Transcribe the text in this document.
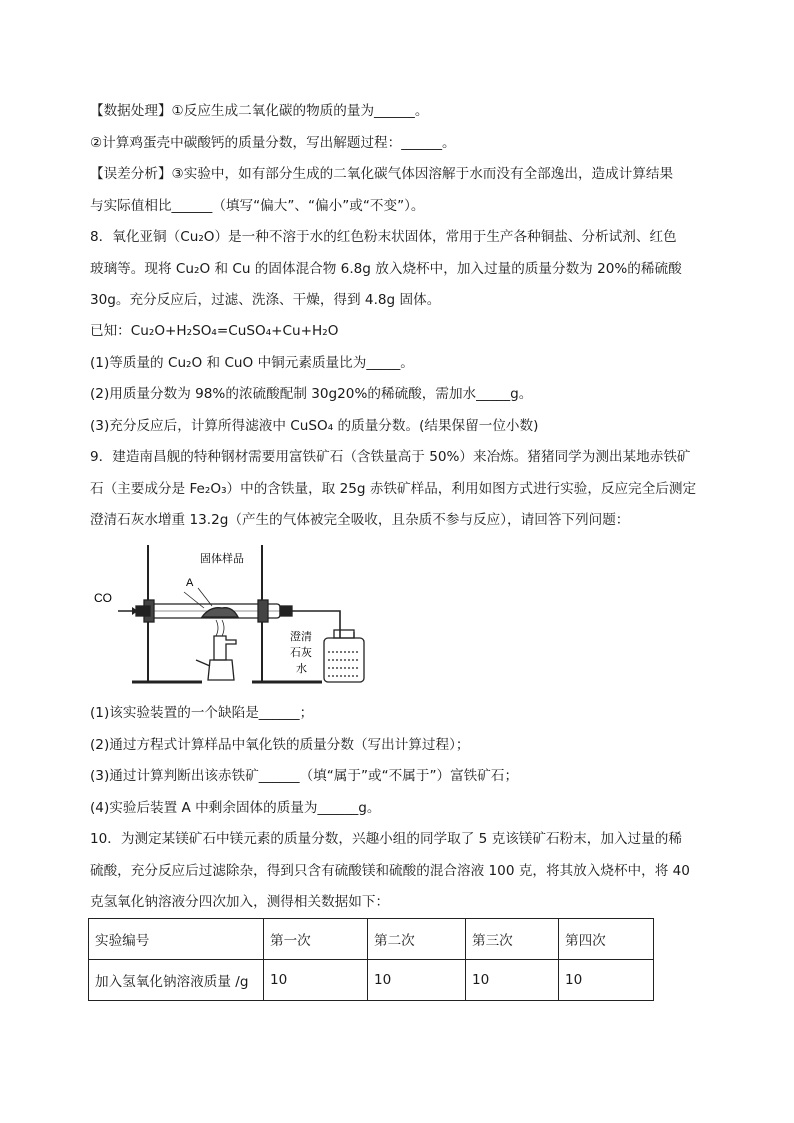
【数据处理】①反应生成二氧化碳的物质的量为______。
②计算鸡蛋壳中碳酸钙的质量分数，写出解题过程：______。
【误差分析】③实验中，如有部分生成的二氧化碳气体因溶解于水而没有全部逸出，造成计算结果
与实际值相比______（填写“偏大”、“偏小”或“不变”）。
8．氧化亚铜（Cu₂O）是一种不溶于水的红色粉末状固体，常用于生产各种铜盐、分析试剂、红色
玻璃等。现将 Cu₂O 和 Cu 的固体混合物 6.8g 放入烧杯中，加入过量的质量分数为 20%的稀硫酸
30g。充分反应后，过滤、洗涤、干燥，得到 4.8g 固体。
已知：Cu₂O+H₂SO₄=CuSO₄+Cu+H₂O
(1)等质量的 Cu₂O 和 CuO 中铜元素质量比为_____。
(2)用质量分数为 98%的浓硫酸配制 30g20%的稀硫酸，需加水_____g。
(3)充分反应后，计算所得滤液中 CuSO₄ 的质量分数。(结果保留一位小数)
9．建造南昌舰的特种钢材需要用富铁矿石（含铁量高于 50%）来冶炼。猪猪同学为测出某地赤铁矿
石（主要成分是 Fe₂O₃）中的含铁量，取 25g 赤铁矿样品，利用如图方式进行实验，反应完全后测定
澄清石灰水增重 13.2g（产生的气体被完全吸收，且杂质不参与反应），请回答下列问题：
CO
固体样品
A
澄清
石灰
水
(1)该实验装置的一个缺陷是______；
(2)通过方程式计算样品中氧化铁的质量分数（写出计算过程）；
(3)通过计算判断出该赤铁矿______（填“属于”或“不属于”）富铁矿石；
(4)实验后装置 A 中剩余固体的质量为______g。
10．为测定某镁矿石中镁元素的质量分数，兴趣小组的同学取了 5 克该镁矿石粉末，加入过量的稀
硫酸，充分反应后过滤除杂，得到只含有硫酸镁和硫酸的混合溶液 100 克，将其放入烧杯中，将 40
克氢氧化钠溶液分四次加入，测得相关数据如下：
实验编号	第一次	第二次	第三次	第四次
加入氢氧化钠溶液质量 /g	10	10	10	10
